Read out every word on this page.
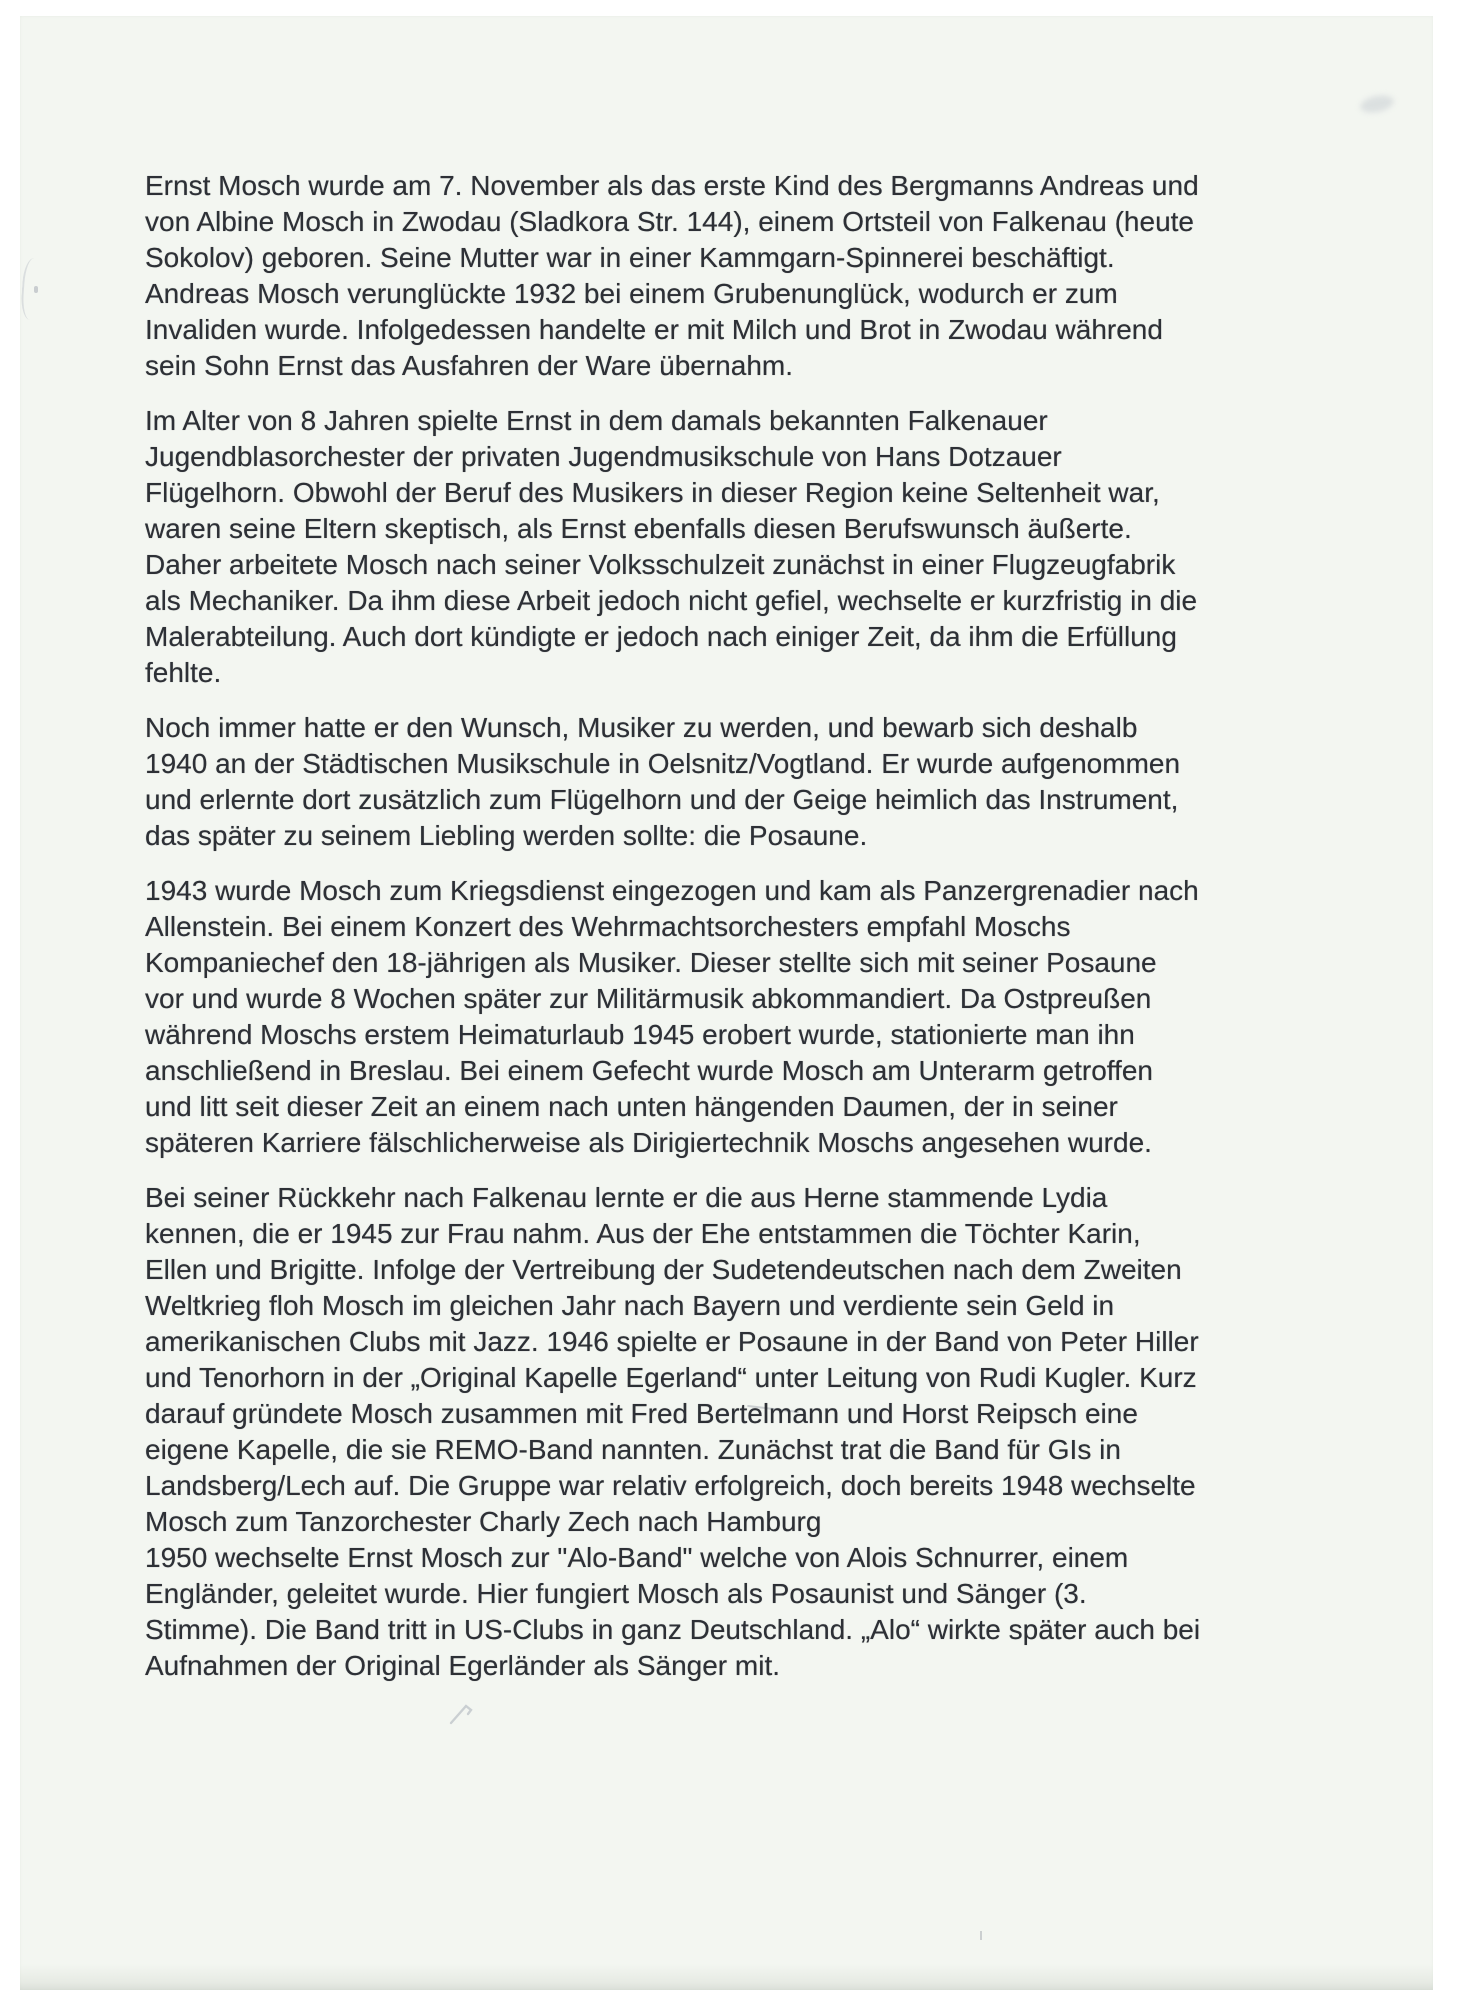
Ernst Mosch wurde am 7. November als das erste Kind des Bergmanns Andreas und
von Albine Mosch in Zwodau (Sladkora Str. 144), einem Ortsteil von Falkenau (heute
Sokolov) geboren. Seine Mutter war in einer Kammgarn-Spinnerei beschäftigt.
Andreas Mosch verunglückte 1932 bei einem Grubenunglück, wodurch er zum
Invaliden wurde. Infolgedessen handelte er mit Milch und Brot in Zwodau während
sein Sohn Ernst das Ausfahren der Ware übernahm.
Im Alter von 8 Jahren spielte Ernst in dem damals bekannten Falkenauer
Jugendblasorchester der privaten Jugendmusikschule von Hans Dotzauer
Flügelhorn. Obwohl der Beruf des Musikers in dieser Region keine Seltenheit war,
waren seine Eltern skeptisch, als Ernst ebenfalls diesen Berufswunsch äußerte.
Daher arbeitete Mosch nach seiner Volksschulzeit zunächst in einer Flugzeugfabrik
als Mechaniker. Da ihm diese Arbeit jedoch nicht gefiel, wechselte er kurzfristig in die
Malerabteilung. Auch dort kündigte er jedoch nach einiger Zeit, da ihm die Erfüllung
fehlte.
Noch immer hatte er den Wunsch, Musiker zu werden, und bewarb sich deshalb
1940 an der Städtischen Musikschule in Oelsnitz/Vogtland. Er wurde aufgenommen
und erlernte dort zusätzlich zum Flügelhorn und der Geige heimlich das Instrument,
das später zu seinem Liebling werden sollte: die Posaune.
1943 wurde Mosch zum Kriegsdienst eingezogen und kam als Panzergrenadier nach
Allenstein. Bei einem Konzert des Wehrmachtsorchesters empfahl Moschs
Kompaniechef den 18-jährigen als Musiker. Dieser stellte sich mit seiner Posaune
vor und wurde 8 Wochen später zur Militärmusik abkommandiert. Da Ostpreußen
während Moschs erstem Heimaturlaub 1945 erobert wurde, stationierte man ihn
anschließend in Breslau. Bei einem Gefecht wurde Mosch am Unterarm getroffen
und litt seit dieser Zeit an einem nach unten hängenden Daumen, der in seiner
späteren Karriere fälschlicherweise als Dirigiertechnik Moschs angesehen wurde.
Bei seiner Rückkehr nach Falkenau lernte er die aus Herne stammende Lydia
kennen, die er 1945 zur Frau nahm. Aus der Ehe entstammen die Töchter Karin,
Ellen und Brigitte. Infolge der Vertreibung der Sudetendeutschen nach dem Zweiten
Weltkrieg floh Mosch im gleichen Jahr nach Bayern und verdiente sein Geld in
amerikanischen Clubs mit Jazz. 1946 spielte er Posaune in der Band von Peter Hiller
und Tenorhorn in der „Original Kapelle Egerland“ unter Leitung von Rudi Kugler. Kurz
darauf gründete Mosch zusammen mit Fred Bertelmann und Horst Reipsch eine
eigene Kapelle, die sie REMO-Band nannten. Zunächst trat die Band für GIs in
Landsberg/Lech auf. Die Gruppe war relativ erfolgreich, doch bereits 1948 wechselte
Mosch zum Tanzorchester Charly Zech nach Hamburg
1950 wechselte Ernst Mosch zur "Alo-Band" welche von Alois Schnurrer, einem
Engländer, geleitet wurde. Hier fungiert Mosch als Posaunist und Sänger (3.
Stimme). Die Band tritt in US-Clubs in ganz Deutschland. „Alo“ wirkte später auch bei
Aufnahmen der Original Egerländer als Sänger mit.
